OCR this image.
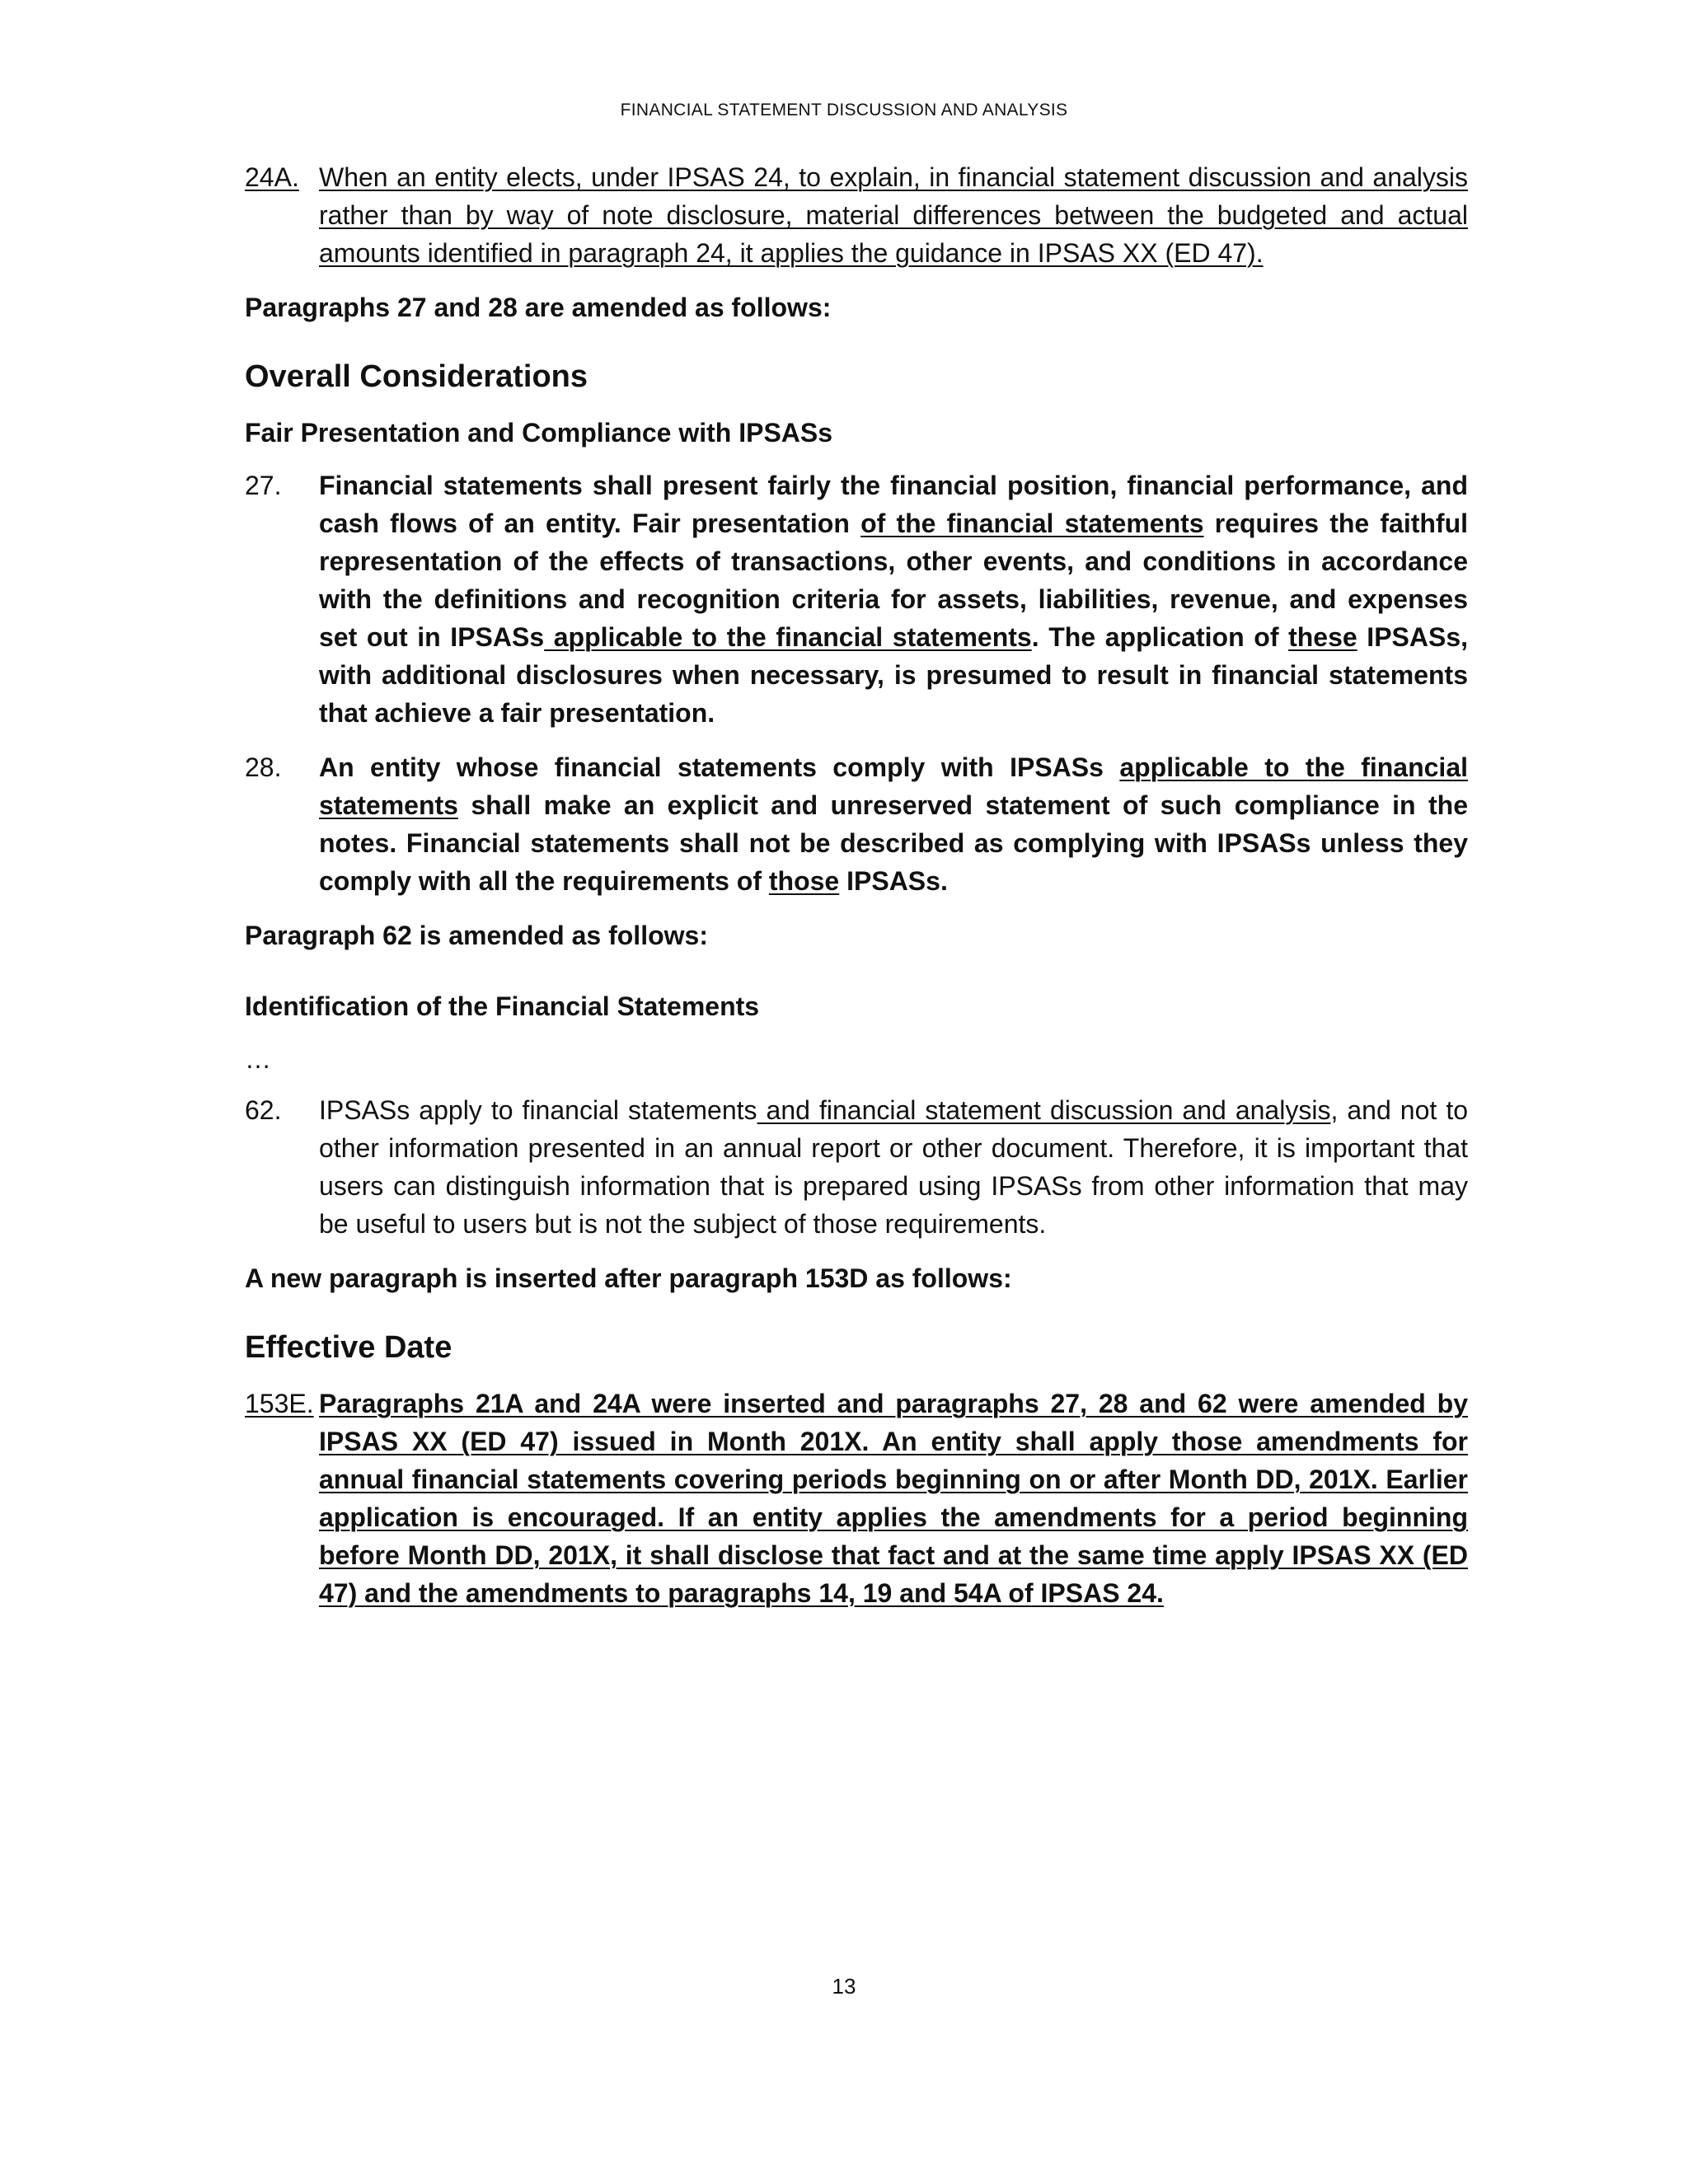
FINANCIAL STATEMENT DISCUSSION AND ANALYSIS
24A. When an entity elects, under IPSAS 24, to explain, in financial statement discussion and analysis rather than by way of note disclosure, material differences between the budgeted and actual amounts identified in paragraph 24, it applies the guidance in IPSAS XX (ED 47).
Paragraphs 27 and 28 are amended as follows:
Overall Considerations
Fair Presentation and Compliance with IPSASs
27.	Financial statements shall present fairly the financial position, financial performance, and cash flows of an entity. Fair presentation of the financial statements requires the faithful representation of the effects of transactions, other events, and conditions in accordance with the definitions and recognition criteria for assets, liabilities, revenue, and expenses set out in IPSASs applicable to the financial statements. The application of these IPSASs, with additional disclosures when necessary, is presumed to result in financial statements that achieve a fair presentation.
28.	An entity whose financial statements comply with IPSASs applicable to the financial statements shall make an explicit and unreserved statement of such compliance in the notes. Financial statements shall not be described as complying with IPSASs unless they comply with all the requirements of those IPSASs.
Paragraph 62 is amended as follows:
Identification of the Financial Statements
…
62.	IPSASs apply to financial statements and financial statement discussion and analysis, and not to other information presented in an annual report or other document. Therefore, it is important that users can distinguish information that is prepared using IPSASs from other information that may be useful to users but is not the subject of those requirements.
A new paragraph is inserted after paragraph 153D as follows:
Effective Date
153E. Paragraphs 21A and 24A were inserted and paragraphs 27, 28 and 62 were amended by IPSAS XX (ED 47) issued in Month 201X. An entity shall apply those amendments for annual financial statements covering periods beginning on or after Month DD, 201X. Earlier application is encouraged. If an entity applies the amendments for a period beginning before Month DD, 201X, it shall disclose that fact and at the same time apply IPSAS XX (ED 47) and the amendments to paragraphs 14, 19 and 54A of IPSAS 24.
13
